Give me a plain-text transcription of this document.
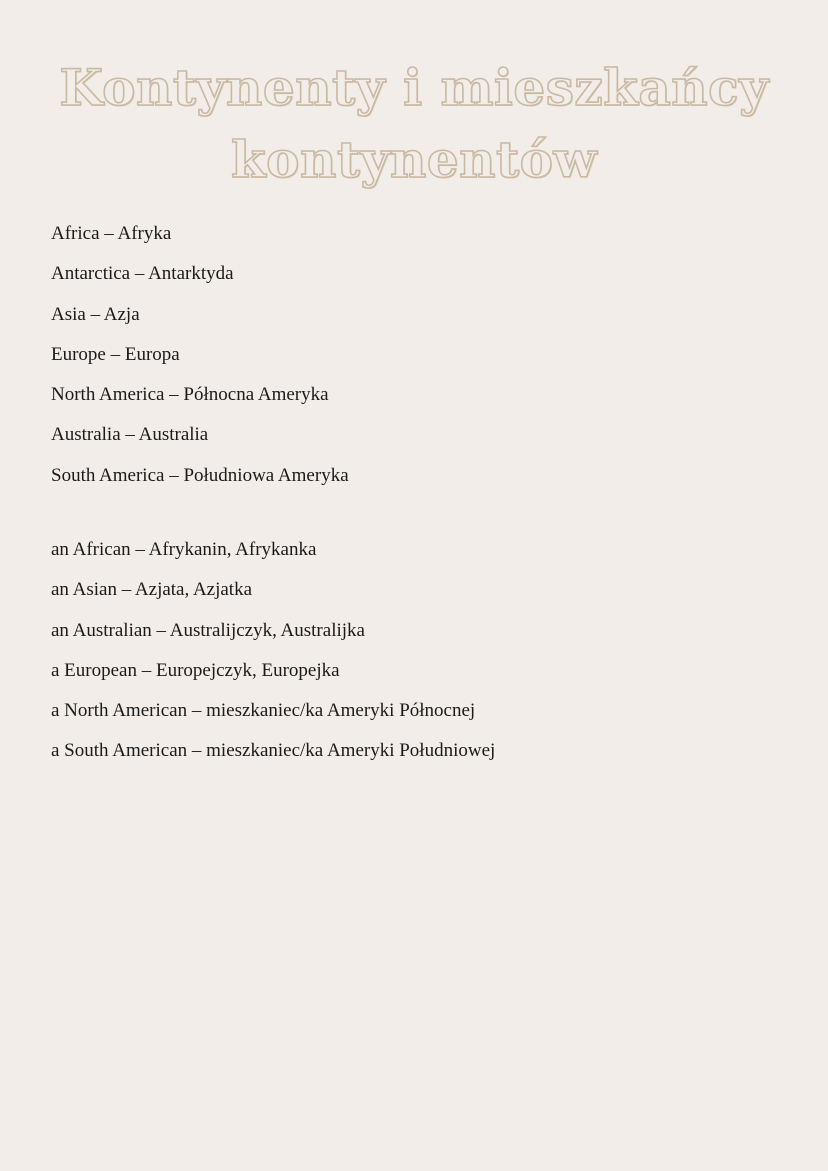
Kontynenty i mieszkańcy
kontynentów
Africa – Afryka
Antarctica – Antarktyda
Asia – Azja
Europe – Europa
North America – Północna Ameryka
Australia – Australia
South America – Południowa Ameryka
an African – Afrykanin, Afrykanka
an Asian – Azjata, Azjatka
an Australian – Australijczyk, Australijka
a European – Europejczyk, Europejka
a North American – mieszkaniec/ka Ameryki Północnej
a South American – mieszkaniec/ka Ameryki Południowej
